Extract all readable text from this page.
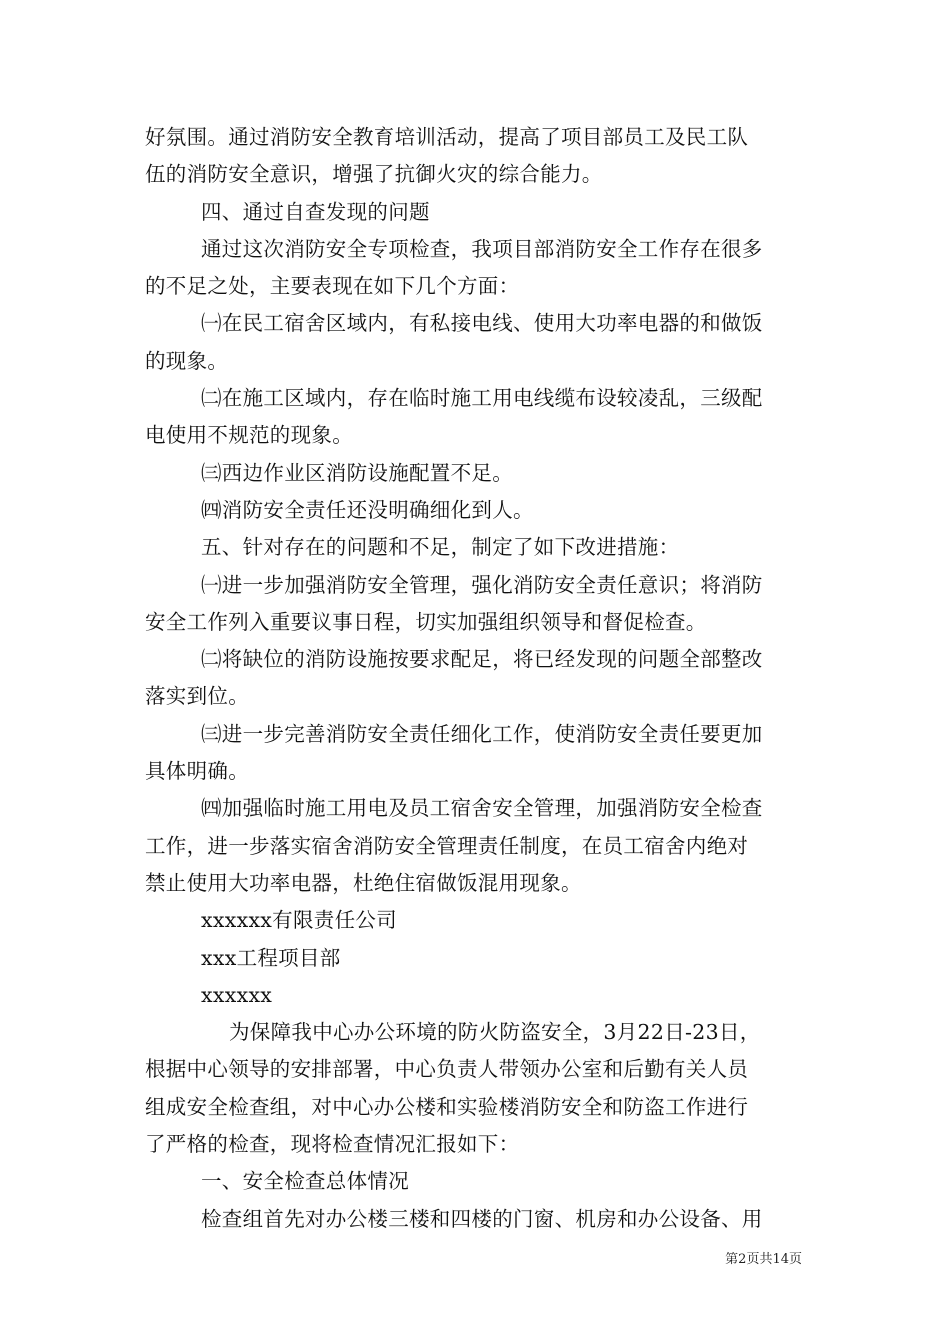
好氛围。通过消防安全教育培训活动，提高了项目部员工及民工队
伍的消防安全意识，增强了抗御火灾的综合能力。
四、通过自查发现的问题
通过这次消防安全专项检查，我项目部消防安全工作存在很多
的不足之处，主要表现在如下几个方面：
㈠在民工宿舍区域内，有私接电线、使用大功率电器的和做饭
的现象。
㈡在施工区域内，存在临时施工用电线缆布设较凌乱，三级配
电使用不规范的现象。
㈢西边作业区消防设施配置不足。
㈣消防安全责任还没明确细化到人。
五、针对存在的问题和不足，制定了如下改进措施：
㈠进一步加强消防安全管理，强化消防安全责任意识；将消防
安全工作列入重要议事日程，切实加强组织领导和督促检查。
㈡将缺位的消防设施按要求配足，将已经发现的问题全部整改
落实到位。
㈢进一步完善消防安全责任细化工作，使消防安全责任要更加
具体明确。
㈣加强临时施工用电及员工宿舍安全管理，加强消防安全检查
工作，进一步落实宿舍消防安全管理责任制度，在员工宿舍内绝对
禁止使用大功率电器，杜绝住宿做饭混用现象。
xxxxxx有限责任公司
xxx工程项目部
xxxxxx
为保障我中心办公环境的防火防盗安全，3月22日-23日，
根据中心领导的安排部署，中心负责人带领办公室和后勤有关人员
组成安全检查组，对中心办公楼和实验楼消防安全和防盗工作进行
了严格的检查，现将检查情况汇报如下：
一、安全检查总体情况
检查组首先对办公楼三楼和四楼的门窗、机房和办公设备、用
第2页共14页
